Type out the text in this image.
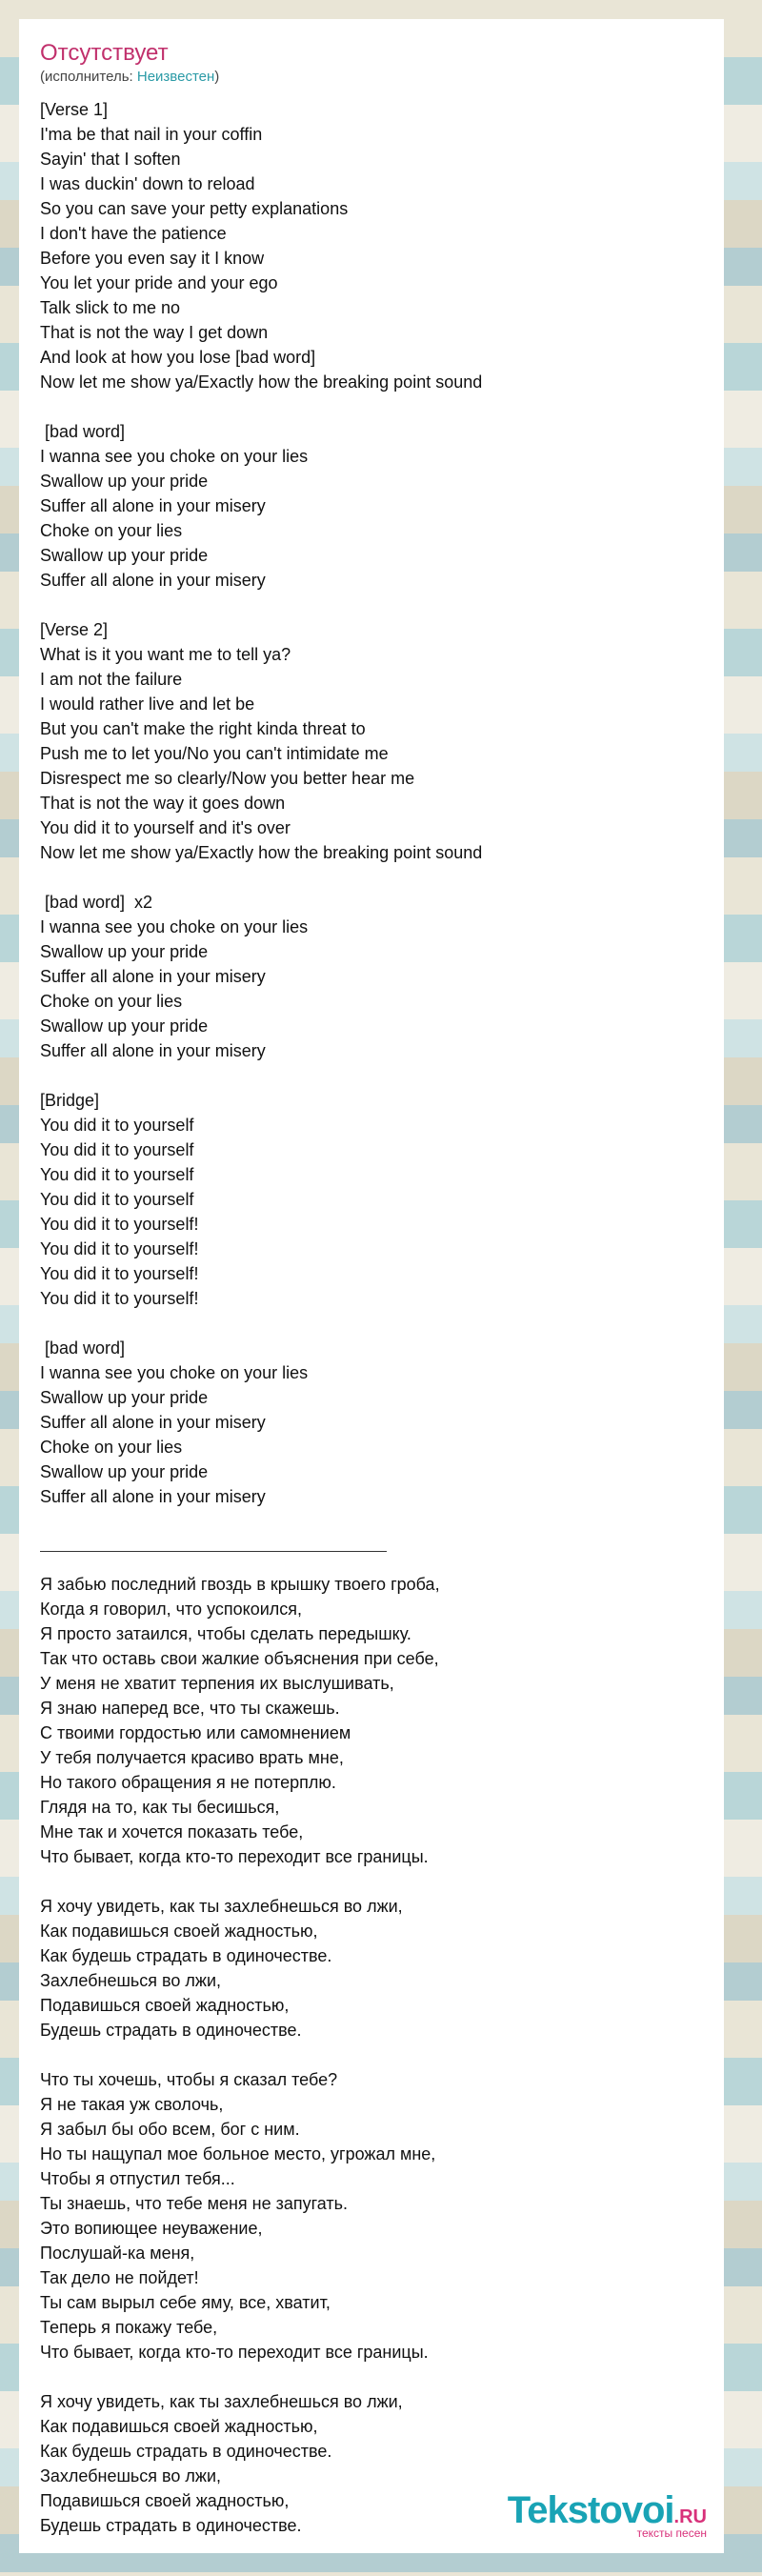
Отсутствует
(исполнитель: Неизвестен)
[Verse 1]
I'ma be that nail in your coffin
Sayin' that I soften
I was duckin' down to reload
So you can save your petty explanations
I don't have the patience
Before you even say it I know
You let your pride and your ego
Talk slick to me no
That is not the way I get down
And look at how you lose [bad word]
Now let me show ya/Exactly how the breaking point sound
[bad word]
I wanna see you choke on your lies
Swallow up your pride
Suffer all alone in your misery
Choke on your lies
Swallow up your pride
Suffer all alone in your misery
[Verse 2]
What is it you want me to tell ya?
I am not the failure
I would rather live and let be
But you can't make the right kinda threat to
Push me to let you/No you can't intimidate me
Disrespect me so clearly/Now you better hear me
That is not the way it goes down
You did it to yourself and it's over
Now let me show ya/Exactly how the breaking point sound
[bad word]  x2
I wanna see you choke on your lies
Swallow up your pride
Suffer all alone in your misery
Choke on your lies
Swallow up your pride
Suffer all alone in your misery
[Bridge]
You did it to yourself
You did it to yourself
You did it to yourself
You did it to yourself
You did it to yourself!
You did it to yourself!
You did it to yourself!
You did it to yourself!
[bad word]
I wanna see you choke on your lies
Swallow up your pride
Suffer all alone in your misery
Choke on your lies
Swallow up your pride
Suffer all alone in your misery
Я забью последний гвоздь в крышку твоего гроба,
Когда я говорил, что успокоился,
Я просто затаился, чтобы сделать передышку.
Так что оставь свои жалкие объяснения при себе,
У меня не хватит терпения их выслушивать,
Я знаю наперед все, что ты скажешь.
С твоими гордостью или самомнением
У тебя получается красиво врать мне,
Но такого обращения я не потерплю.
Глядя на то, как ты бесишься,
Мне так и хочется показать тебе,
Что бывает, когда кто-то переходит все границы.
Я хочу увидеть, как ты захлебнешься во лжи,
Как подавишься своей жадностью,
Как будешь страдать в одиночестве.
Захлебнешься во лжи,
Подавишься своей жадностью,
Будешь страдать в одиночестве.
Что ты хочешь, чтобы я сказал тебе?
Я не такая уж сволочь,
Я забыл бы обо всем, бог с ним.
Но ты нащупал мое больное место, угрожал мне,
Чтобы я отпустил тебя...
Ты знаешь, что тебе меня не запугать.
Это вопиющее неуважение,
Послушай-ка меня,
Так дело не пойдет!
Ты сам вырыл себе яму, все, хватит,
Теперь я покажу тебе,
Что бывает, когда кто-то переходит все границы.
Я хочу увидеть, как ты захлебнешься во лжи,
Как подавишься своей жадностью,
Как будешь страдать в одиночестве.
Захлебнешься во лжи,
Подавишься своей жадностью,
Будешь страдать в одиночестве.	Tekstovoi.RU
тексты песен
